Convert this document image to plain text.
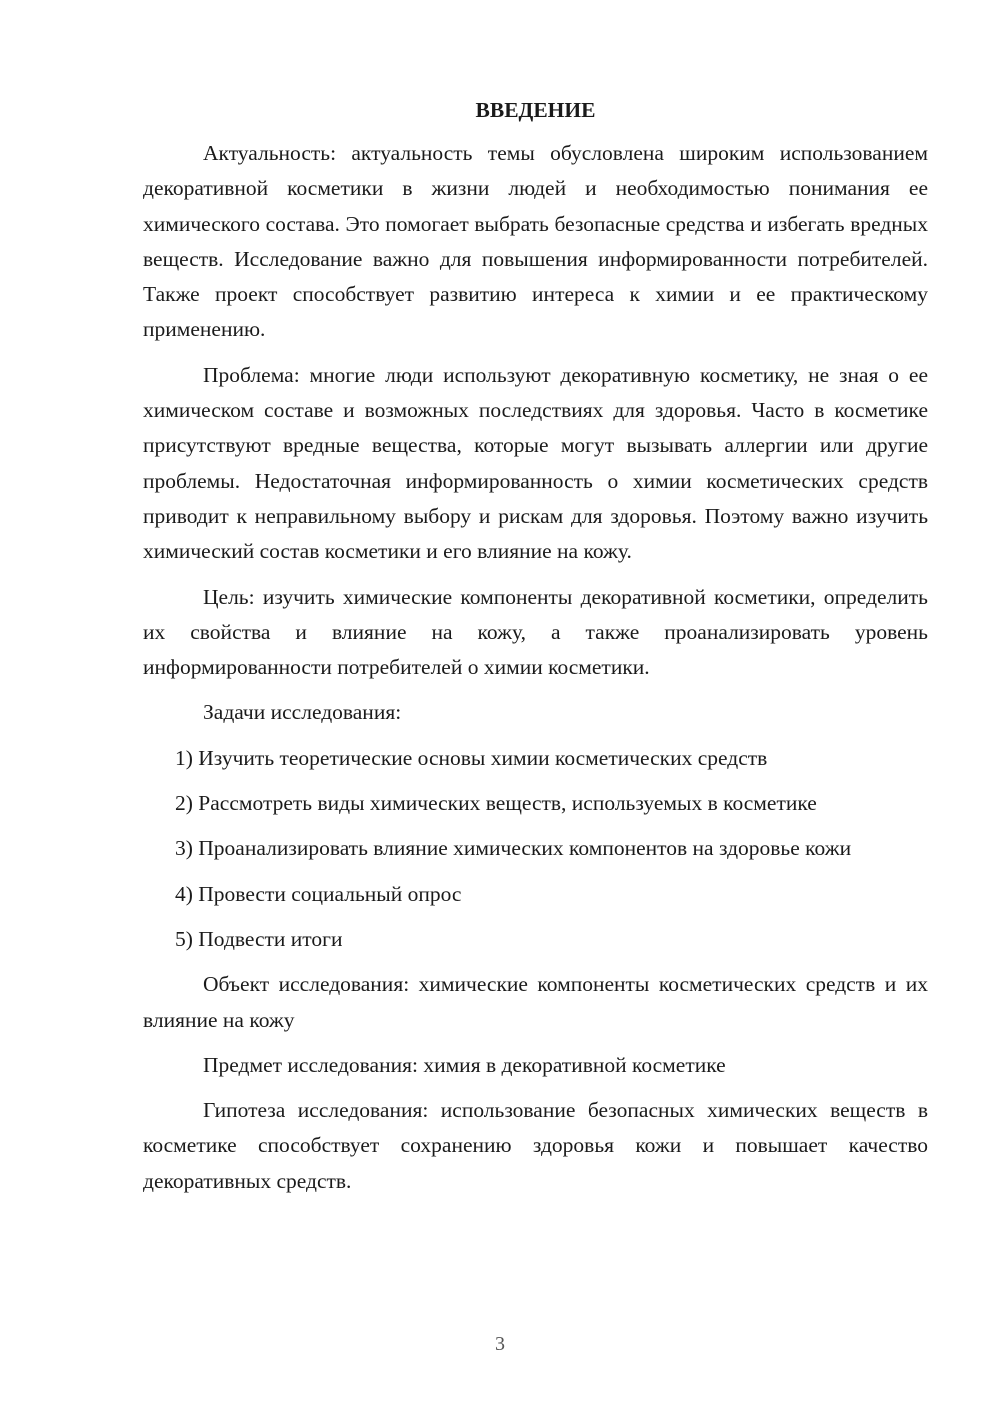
ВВЕДЕНИЕ

Актуальность: актуальность темы обусловлена широким использованием декоративной косметики в жизни людей и необходимостью понимания ее химического состава. Это помогает выбрать безопасные средства и избегать вредных веществ. Исследование важно для повышения информированности потребителей. Также проект способствует развитию интереса к химии и ее практическому применению.

Проблема: многие люди используют декоративную косметику, не зная о ее химическом составе и возможных последствиях для здоровья. Часто в косметике присутствуют вредные вещества, которые могут вызывать аллергии или другие проблемы. Недостаточная информированность о химии косметических средств приводит к неправильному выбору и рискам для здоровья. Поэтому важно изучить химический состав косметики и его влияние на кожу.

Цель: изучить химические компоненты декоративной косметики, определить их свойства и влияние на кожу, а также проанализировать уровень информированности потребителей о химии косметики.

Задачи исследования:

1) Изучить теоретические основы химии косметических средств

2) Рассмотреть виды химических веществ, используемых в косметике

3) Проанализировать влияние химических компонентов на здоровье кожи

4) Провести социальный опрос

5) Подвести итоги

Объект исследования: химические компоненты косметических средств и их влияние на кожу

Предмет исследования: химия в декоративной косметике

Гипотеза исследования: использование безопасных химических веществ в косметике способствует сохранению здоровья кожи и повышает качество декоративных средств.

3
